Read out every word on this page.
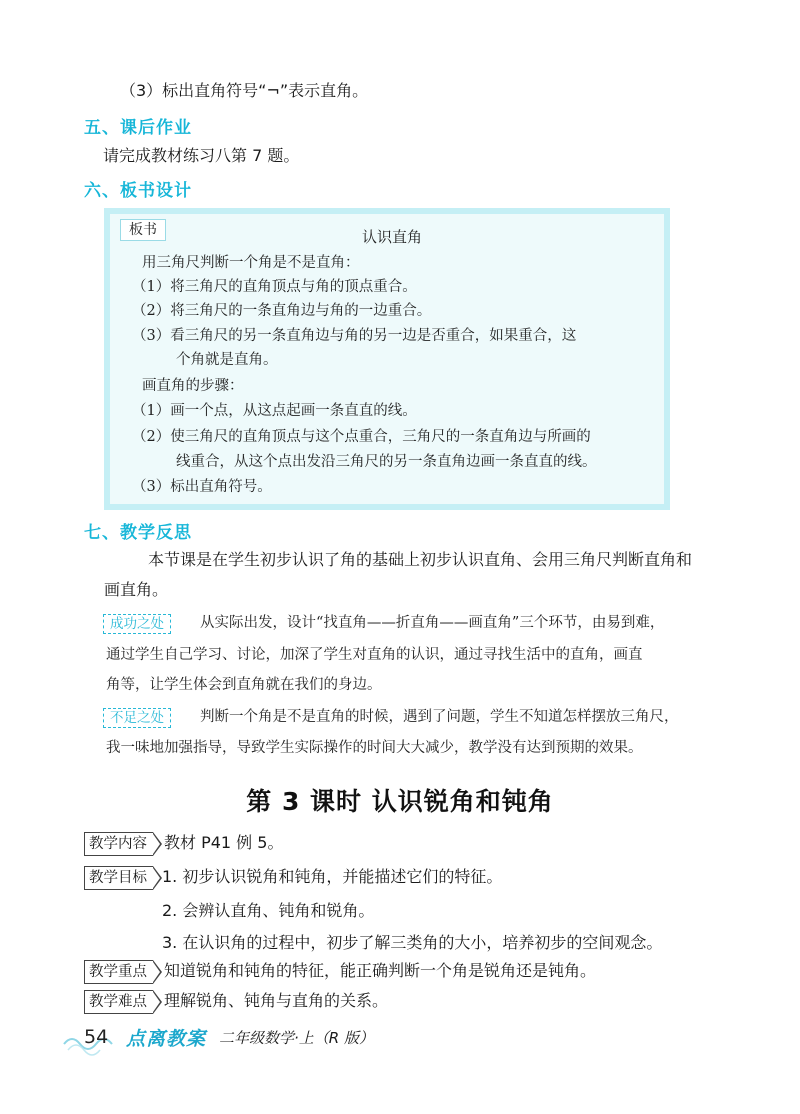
（3）标出直角符号“¬”表示直角。
五、课后作业
请完成教材练习八第 7 题。
六、板书设计
板书	认识直角
用三角尺判断一个角是不是直角：
（1）将三角尺的直角顶点与角的顶点重合。
（2）将三角尺的一条直角边与角的一边重合。
（3）看三角尺的另一条直角边与角的另一边是否重合，如果重合，这
个角就是直角。
画直角的步骤：
（1）画一个点，从这点起画一条直直的线。
（2）使三角尺的直角顶点与这个点重合，三角尺的一条直角边与所画的
线重合，从这个点出发沿三角尺的另一条直角边画一条直直的线。
（3）标出直角符号。
七、教学反思
本节课是在学生初步认识了角的基础上初步认识直角、会用三角尺判断直角和
画直角。
成功之处	从实际出发，设计“找直角——折直角——画直角”三个环节，由易到难，
通过学生自己学习、讨论，加深了学生对直角的认识，通过寻找生活中的直角，画直
角等，让学生体会到直角就在我们的身边。
不足之处	判断一个角是不是直角的时候，遇到了问题，学生不知道怎样摆放三角尺，
我一味地加强指导，导致学生实际操作的时间大大减少，教学没有达到预期的效果。
第 3 课时 认识锐角和钝角
教学内容	教材 P41 例 5。
教学目标 1. 初步认识锐角和钝角，并能描述它们的特征。
2. 会辨认直角、钝角和锐角。
3. 在认识角的过程中，初步了解三类角的大小，培养初步的空间观念。
教学重点	知道锐角和钝角的特征，能正确判断一个角是锐角还是钝角。
教学难点	理解锐角、钝角与直角的关系。
54 点离教案 二年级数学·上（R 版）
